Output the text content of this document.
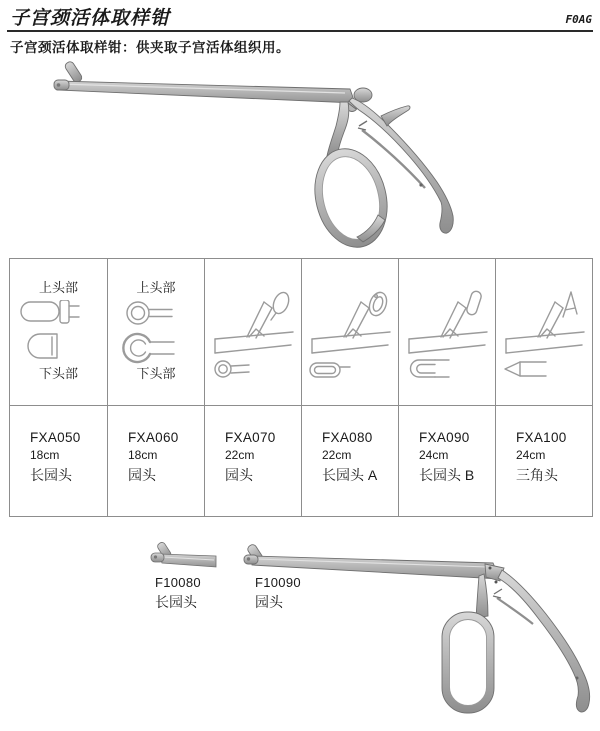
子宫颈活体取样钳	F0AG
子宫颈活体取样钳：供夹取子宫活体组织用。
上头部
下头部
上头部
下头部
FXA050
18cm
长园头
FXA060
18cm
园头
FXA070
22cm
园头
FXA080
22cm
长园头 A
FXA090
24cm
长园头 B
FXA100
24cm
三角头
F10080
长园头
F10090
园头
